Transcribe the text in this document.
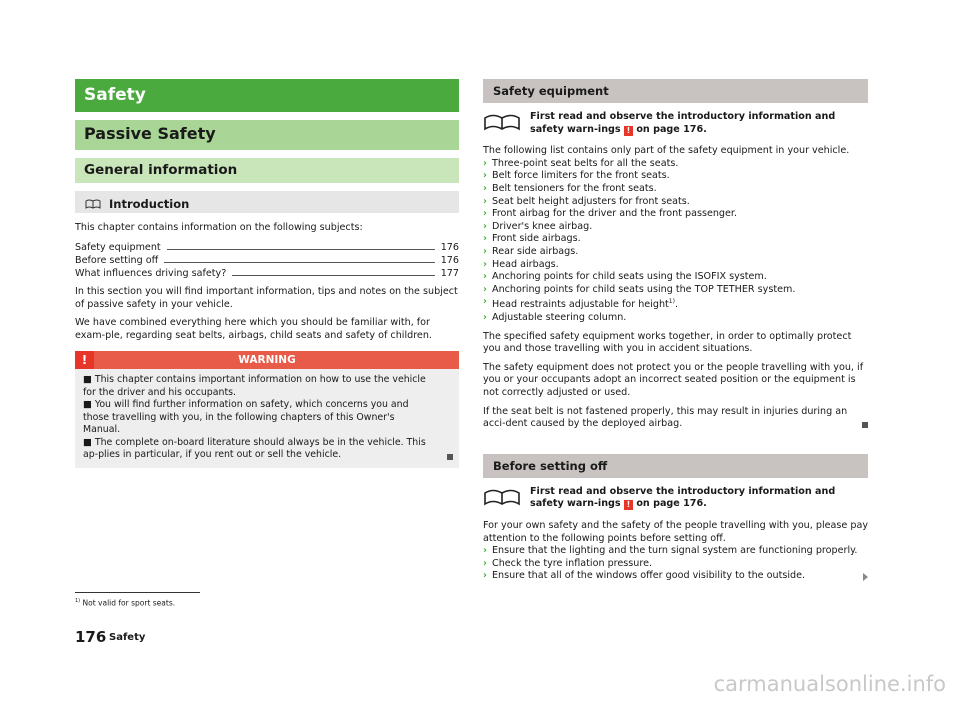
Safety
Passive Safety
General information
Introduction
This chapter contains information on the following subjects:
Safety equipment	176
Before setting off	176
What influences driving safety?	177
In this section you will find important information, tips and notes on the subject of passive safety in your vehicle.
We have combined everything here which you should be familiar with, for exam-ple, regarding seat belts, airbags, child seats and safety of children.
!	WARNING
■ This chapter contains important information on how to use the vehicle for the driver and his occupants.
■ You will find further information on safety, which concerns you and those travelling with you, in the following chapters of this Owner's Manual.
■ The complete on-board literature should always be in the vehicle. This ap-plies in particular, if you rent out or sell the vehicle.
Safety equipment
First read and observe the introductory information and safety warn-ings ! on page 176.
The following list contains only part of the safety equipment in your vehicle.
› Three-point seat belts for all the seats.
› Belt force limiters for the front seats.
› Belt tensioners for the front seats.
› Seat belt height adjusters for front seats.
› Front airbag for the driver and the front passenger.
› Driver's knee airbag.
› Front side airbags.
› Rear side airbags.
› Head airbags.
› Anchoring points for child seats using the ISOFIX system.
› Anchoring points for child seats using the TOP TETHER system.
› Head restraints adjustable for height$^{1)}$.
› Adjustable steering column.
The specified safety equipment works together, in order to optimally protect you and those travelling with you in accident situations.
The safety equipment does not protect you or the people travelling with you, if you or your occupants adopt an incorrect seated position or the equipment is not correctly adjusted or used.
If the seat belt is not fastened properly, this may result in injuries during an acci-dent caused by the deployed airbag.
Before setting off
First read and observe the introductory information and safety warn-ings ! on page 176.
For your own safety and the safety of the people travelling with you, please pay attention to the following points before setting off.
› Ensure that the lighting and the turn signal system are functioning properly.
› Check the tyre inflation pressure.
› Ensure that all of the windows offer good visibility to the outside.
$^{1)}$ Not valid for sport seats.
176 Safety
carmanualsonline.info
